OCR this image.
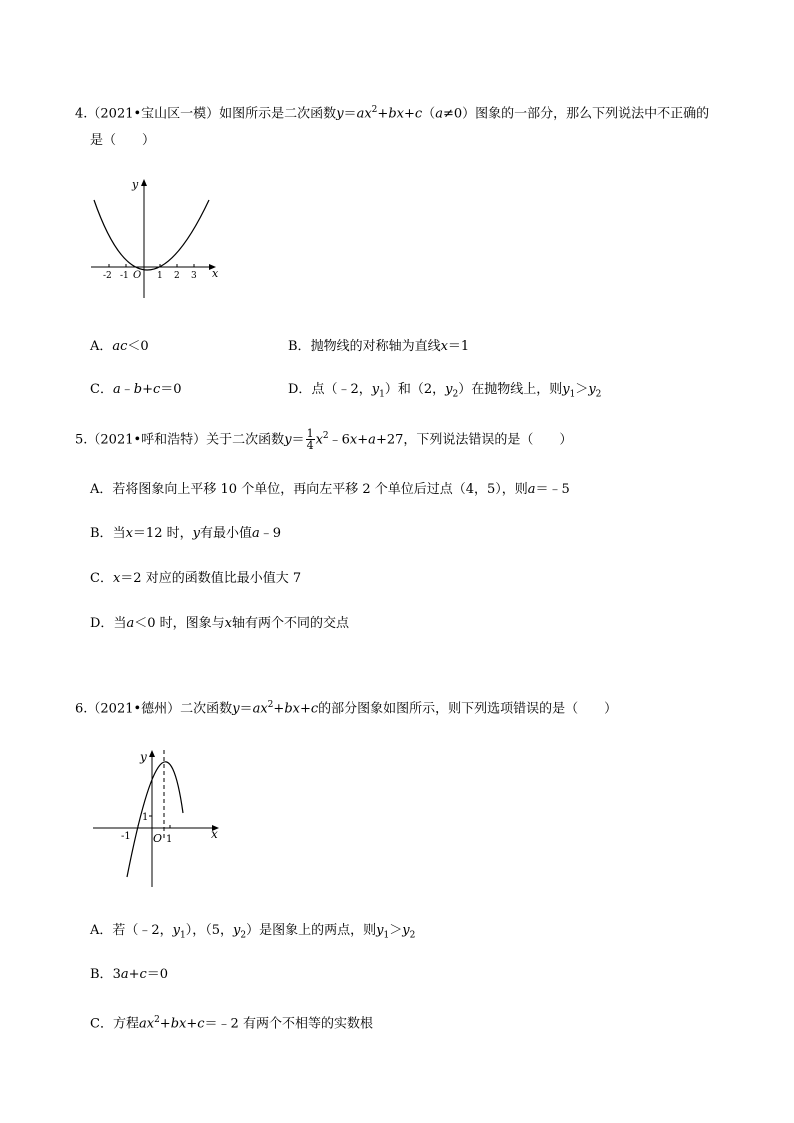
4.（2021•宝山区一模）如图所示是二次函数$y=ax^2+bx+c(a\ne 0)$图象的一部分，那么下列说法中不正确的
是（　　）
y
x
O
-2 -1	1 2 3
A．ac＜0	B．抛物线的对称轴为直线x＝1
C．a﹣b+c＝0	D．点（﹣2，$y_1$）和（2，$y_2$）在抛物线上，则$y_1>y_2$
5.（2021•呼和浩特）关于二次函数$y= \frac{1}{4}$ $x^2﹣6x+a+27$，下列说法错误的是（　　）
A．若将图象向上平移 10 个单位，再向左平移 2 个单位后过点（4，5），则a＝﹣5
B．当x＝12 时，y有最小值a﹣9
C．x＝2 对应的函数值比最小值大 7
D．当a＜0 时，图象与x轴有两个不同的交点
6.（2021•德州）二次函数$y=ax^2+bx+c$的部分图象如图所示，则下列选项错误的是（　　）
y
x
O
-1	1
1
A．若（﹣2，$y_1$），（5，$y_2$）是图象上的两点，则$y_1>y_2$
B．3a+c＝0
C．方程$ax^2+bx+c=﹣2$ 有两个不相等的实数根
